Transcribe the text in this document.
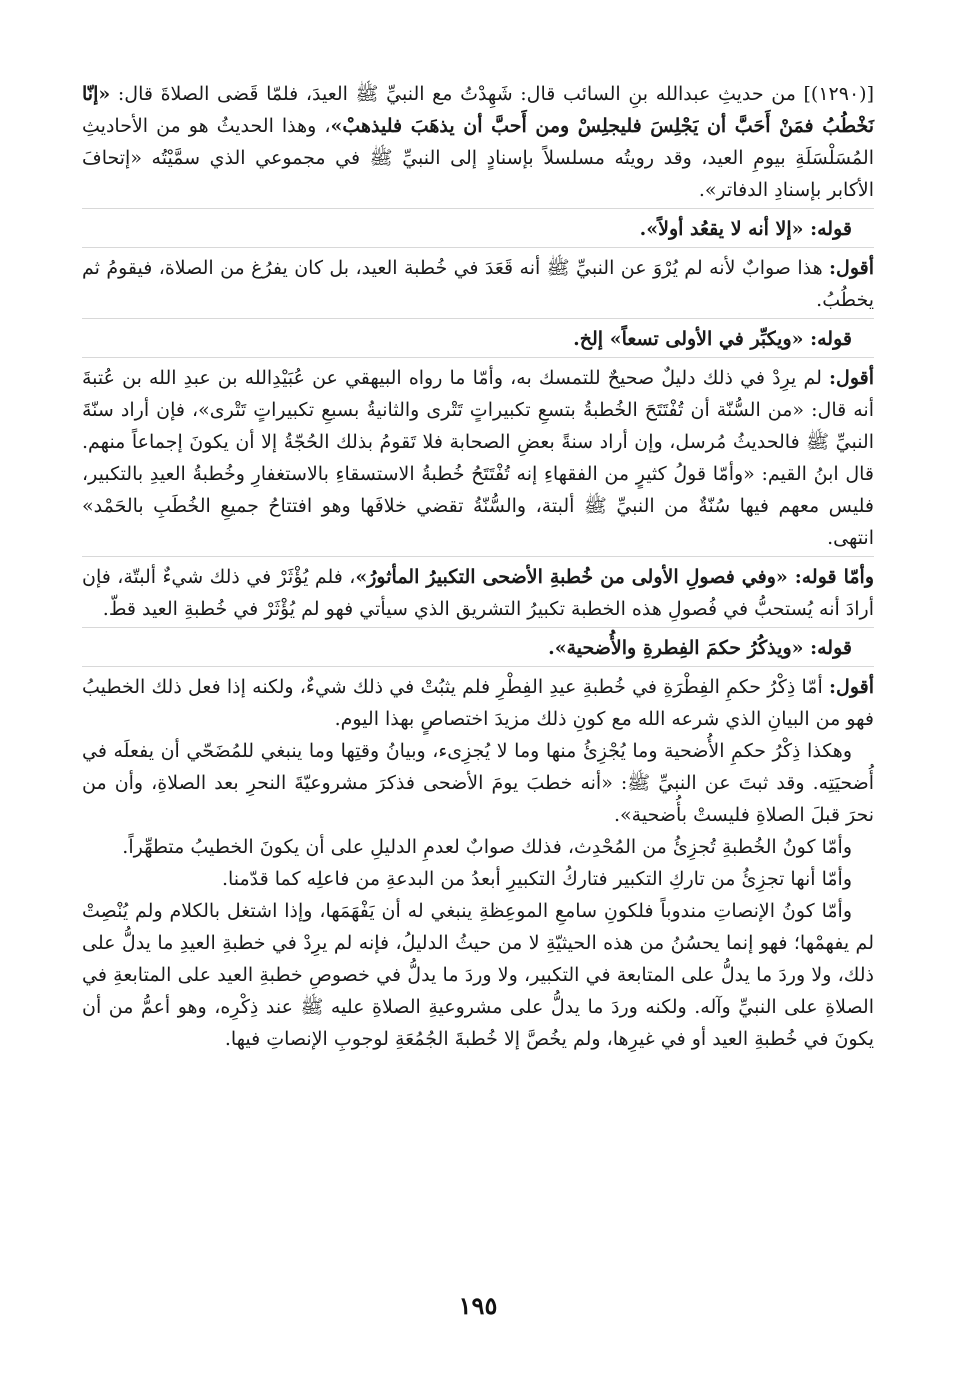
[(١٢٩٠)] من حديثِ عبدالله بنِ السائب قال: شَهِدْتُ مع النبيِّ ﷺ العيدَ، فلمّا قَضى الصلاةَ قال: «إنّا نَخْطُبُ فمَنْ أَحَبَّ أن يَجْلِسَ فليجلِسْ ومن أَحبَّ أن يذهَبَ فليذهبْ»، وهذا الحديثُ هو من الأحاديثِ المُسَلْسَلَةِ بيومِ العيد، وقد رويتُه مسلسلاً بإسنادٍ إلى النبيِّ ﷺ في مجموعي الذي سمَّيْتُه «إتحافَ الأكابر بإسنادِ الدفاتر».
قوله: «إلا أنه لا يقعُد أولاً».
أقول: هذا صوابٌ لأنه لم يُرْوَ عن النبيِّ ﷺ أنه قَعَدَ في خُطبة العيد، بل كان يفرُغ من الصلاة، فيقومُ ثم يخطُبُ.
قوله: «ويكبِّر في الأولى تسعاً» إلخ.
أقول: لم يرِدْ في ذلك دليلٌ صحيحٌ للتمسك به، وأمّا ما رواه البيهقي عن عُبَيْدِالله بن عبدِ الله بن عُتبةَ أنه قال: «من السُّنّة أن تُفْتَتَحَ الخُطبةُ بتسعِ تكبيراتٍ تَتْرى والثانيةُ بسبعِ تكبيراتٍ تَتْرى»، فإن أراد سنّةَ النبيِّ ﷺ فالحديثُ مُرسل، وإن أراد سنةً بعضِ الصحابة فلا تَقومُ بذلك الحُجّةُ إلا أن يكونَ إجماعاً منهم. قال ابنُ القيم: «وأمّا قولُ كثيرٍ من الفقهاءِ إنه تُفْتَتَحُ خُطبةُ الاستسقاءِ بالاستغفارِ وخُطبةُ العيدِ بالتكبير، فليس معهم فيها سُنّةٌ من النبيِّ ﷺ ألبتة، والسُّنّةُ تقضي خلافَها وهو افتتاحُ جميعِ الخُطَبِ بالحَمْد» انتهى.
وأمّا قوله: «وفي فصولِ الأولى من خُطبةِ الأضحى التكبيرُ المأثورُ»، فلم يُؤْثَرْ في ذلك شيءٌ ألبتّة، فإن أرادَ أنه يُستحبُّ في فُصولِ هذه الخطبة تكبيرُ التشريق الذي سيأتي فهو لم يُؤْثَرْ في خُطبةِ العيد قطّ.
قوله: «ويذكُرُ حكمَ الفِطرةِ والأُضحية».
أقول: أمّا ذِكْرُ حكمِ الفِطْرَةِ في خُطبةِ عيدِ الفِطْرِ فلم يثبُتْ في ذلك شيءٌ، ولكنه إذا فعل ذلك الخطيبُ فهو من البيانِ الذي شرعه الله مع كونِ ذلك مزيدَ اختصاصٍ بهذا اليوم.
وهكذا ذِكْرُ حكمِ الأُضحية وما يُجْزِئُ منها وما لا يُجزِىء، وبيانُ وقتِها وما ينبغي للمُضَحّي أن يفعلَه في أُضحيَتِه. وقد ثبتَ عن النبيِّ ﷺ: «أنه خطبَ يومَ الأضحى فذكرَ مشروعيّةَ النحرِ بعد الصلاةِ، وأن من نحرَ قبلَ الصلاةِ فليستْ بأُضحية».
وأمّا كونُ الخُطبةِ تُجزِئُ من المُحْدِث، فذلك صوابٌ لعدمِ الدليلِ على أن يكونَ الخطيبُ متطهِّراً.
وأمّا أنها تجزِئُ من تاركِ التكبير فتاركُ التكبيرِ أبعدُ من البدعةِ من فاعلِه كما قدّمنا.
وأمّا كونُ الإنصاتِ مندوباً فلكونِ سامعِ الموعِظةِ ينبغي له أن يَفْهَمَها، وإذا اشتغل بالكلام ولم يُنْصِتْ لم يفهمْها؛ فهو إنما يحسُنُ من هذه الحيثيّةِ لا من حيثُ الدليلُ، فإنه لم يرِدْ في خطبةِ العيدِ ما يدلُّ على ذلك، ولا وردَ ما يدلُّ على المتابعة في التكبير، ولا وردَ ما يدلُّ في خصوصِ خطبةِ العيد على المتابعةِ في الصلاةِ على النبيِّ وآله. ولكنه وردَ ما يدلُّ على مشروعيةِ الصلاةِ عليه ﷺ عند ذِكْرِه، وهو أعمُّ من أن يكونَ في خُطبةِ العيد أو في غيرِها، ولم يخُصَّ إلا خُطبةَ الجُمُعَةِ لوجوبِ الإنصاتِ فيها.
١٩٥
